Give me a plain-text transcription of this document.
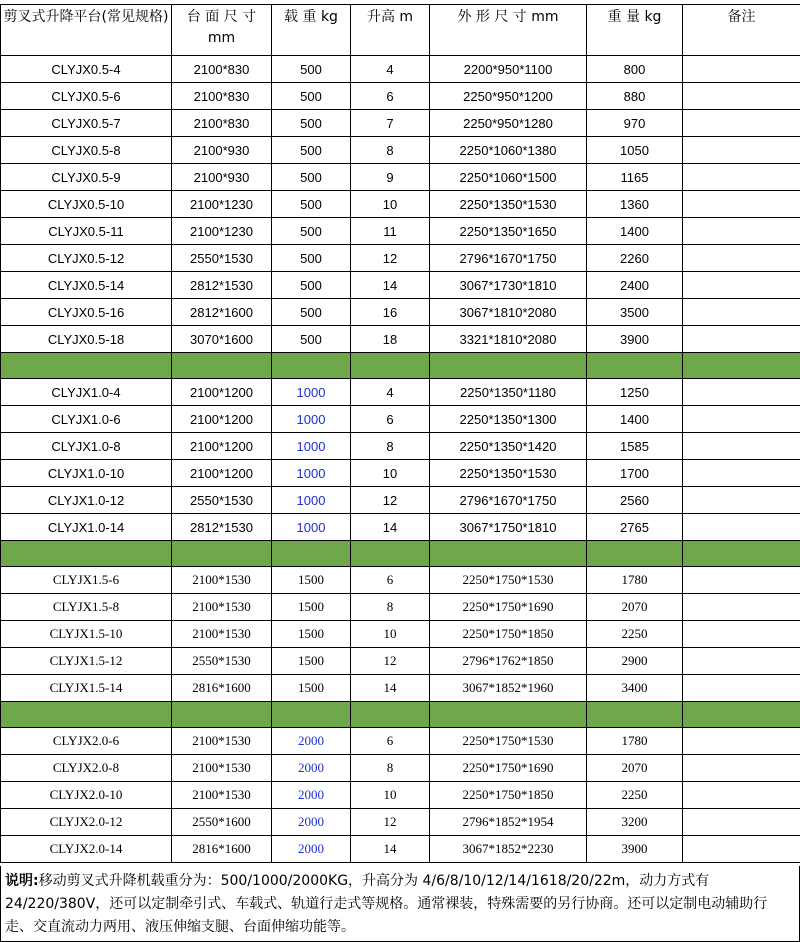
剪叉式升降平台(常见规格)	台 面 尺 寸 mm	载 重 kg	升高 m	外 形 尺 寸 mm	重 量 kg	备注
CLYJX0.5-4	2100*830	500	4	2200*950*1100	800	
CLYJX0.5-6	2100*830	500	6	2250*950*1200	880	
CLYJX0.5-7	2100*830	500	7	2250*950*1280	970	
CLYJX0.5-8	2100*930	500	8	2250*1060*1380	1050	
CLYJX0.5-9	2100*930	500	9	2250*1060*1500	1165	
CLYJX0.5-10	2100*1230	500	10	2250*1350*1530	1360	
CLYJX0.5-11	2100*1230	500	11	2250*1350*1650	1400	
CLYJX0.5-12	2550*1530	500	12	2796*1670*1750	2260	
CLYJX0.5-14	2812*1530	500	14	3067*1730*1810	2400	
CLYJX0.5-16	2812*1600	500	16	3067*1810*2080	3500	
CLYJX0.5-18	3070*1600	500	18	3321*1810*2080	3900	

CLYJX1.0-4	2100*1200	1000	4	2250*1350*1180	1250	
CLYJX1.0-6	2100*1200	1000	6	2250*1350*1300	1400	
CLYJX1.0-8	2100*1200	1000	8	2250*1350*1420	1585	
CLYJX1.0-10	2100*1200	1000	10	2250*1350*1530	1700	
CLYJX1.0-12	2550*1530	1000	12	2796*1670*1750	2560	
CLYJX1.0-14	2812*1530	1000	14	3067*1750*1810	2765	

CLYJX1.5-6	2100*1530	1500	6	2250*1750*1530	1780	
CLYJX1.5-8	2100*1530	1500	8	2250*1750*1690	2070	
CLYJX1.5-10	2100*1530	1500	10	2250*1750*1850	2250	
CLYJX1.5-12	2550*1530	1500	12	2796*1762*1850	2900	
CLYJX1.5-14	2816*1600	1500	14	3067*1852*1960	3400	

CLYJX2.0-6	2100*1530	2000	6	2250*1750*1530	1780	
CLYJX2.0-8	2100*1530	2000	8	2250*1750*1690	2070	
CLYJX2.0-10	2100*1530	2000	10	2250*1750*1850	2250	
CLYJX2.0-12	2550*1600	2000	12	2796*1852*1954	3200	
CLYJX2.0-14	2816*1600	2000	14	3067*1852*2230	3900	
说明:移动剪叉式升降机载重分为：500/1000/2000KG，升高分为 4/6/8/10/12/14/1618/20/22m，动力方式有 24/220/380V，还可以定制牵引式、车载式、轨道行走式等规格。通常裸装，特殊需要的另行协商。还可以定制电动辅助行走、交直流动力两用、液压伸缩支腿、台面伸缩功能等。
